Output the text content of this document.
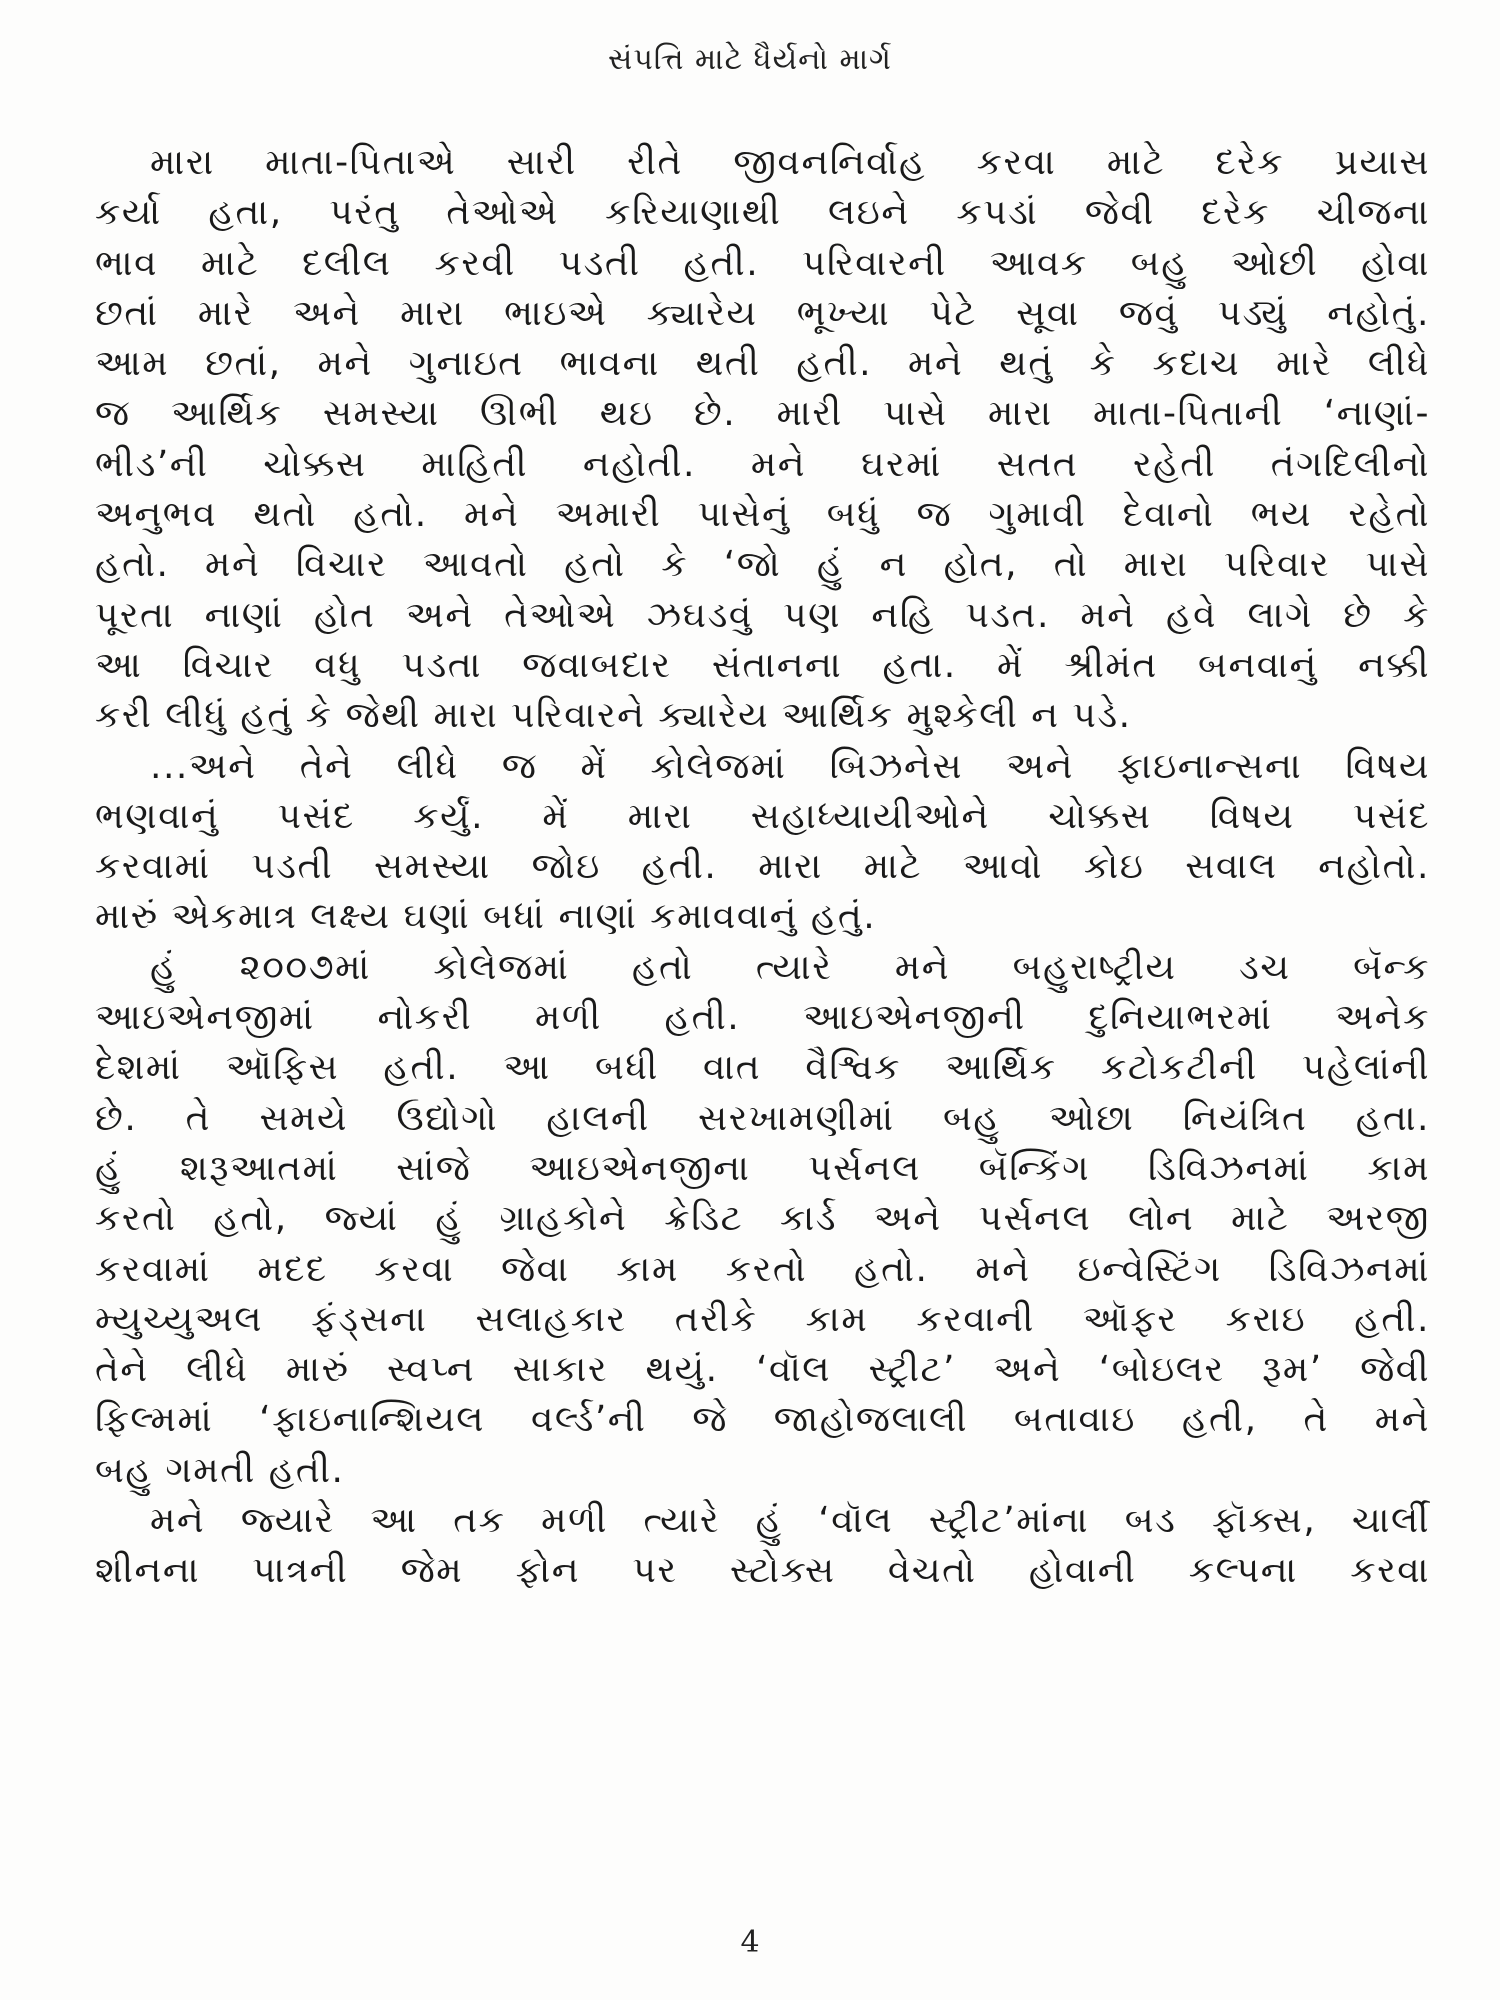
સંપત્તિ માટે ધૈર્યનો માર્ગ
મારા માતા-પિતાએ સારી રીતે જીવનનિર્વાહ કરવા માટે દરેક પ્રયાસ
કર્યા હતા, પરંતુ તેઓએ કરિયાણાથી લઇને કપડાં જેવી દરેક ચીજના
ભાવ માટે દલીલ કરવી પડતી હતી. પરિવારની આવક બહુ ઓછી હોવા
છતાં મારે અને મારા ભાઇએ ક્યારેય ભૂખ્યા પેટે સૂવા જવું પડ્યું નહોતું.
આમ છતાં, મને ગુનાઇત ભાવના થતી હતી. મને થતું કે કદાચ મારે લીધે
જ આર્થિક સમસ્યા ઊભી થઇ છે. મારી પાસે મારા માતા-પિતાની ‘નાણાં-
ભીડ’ની ચોક્કસ માહિતી નહોતી. મને ઘરમાં સતત રહેતી તંગદિલીનો
અનુભવ થતો હતો. મને અમારી પાસેનું બધું જ ગુમાવી દેવાનો ભય રહેતો
હતો. મને વિચાર આવતો હતો કે ‘જો હું ન હોત, તો મારા પરિવાર પાસે
પૂરતા નાણાં હોત અને તેઓએ ઝઘડવું પણ નહિ પડત. મને હવે લાગે છે કે
આ વિચાર વધુ પડતા જવાબદાર સંતાનના હતા. મેં શ્રીમંત બનવાનું નક્કી
કરી લીધું હતું કે જેથી મારા પરિવારને ક્યારેય આર્થિક મુશ્કેલી ન પડે.
...અને તેને લીધે જ મેં કોલેજમાં બિઝનેસ અને ફાઇનાન્સના વિષય
ભણવાનું પસંદ કર્યું. મેં મારા સહાધ્યાયીઓને ચોક્કસ વિષય પસંદ
કરવામાં પડતી સમસ્યા જોઇ હતી. મારા માટે આવો કોઇ સવાલ નહોતો.
મારું એકમાત્ર લક્ષ્ય ઘણાં બધાં નાણાં કમાવવાનું હતું.
હું ૨૦૦૭માં કોલેજમાં હતો ત્યારે મને બહુરાષ્ટ્રીય ડચ બૅન્ક
આઇએનજીમાં નોકરી મળી હતી. આઇએનજીની દુનિયાભરમાં અનેક
દેશમાં ઑફિસ હતી. આ બધી વાત વૈશ્વિક આર્થિક કટોકટીની પહેલાંની
છે. તે સમયે ઉદ્યોગો હાલની સરખામણીમાં બહુ ઓછા નિયંત્રિત હતા.
હું શરૂઆતમાં સાંજે આઇએનજીના પર્સનલ બૅન્કિંગ ડિવિઝનમાં કામ
કરતો હતો, જ્યાં હું ગ્રાહકોને ક્રેડિટ કાર્ડ અને પર્સનલ લોન માટે અરજી
કરવામાં મદદ કરવા જેવા કામ કરતો હતો. મને ઇન્વેસ્ટિંગ ડિવિઝનમાં
મ્યુચ્યુઅલ ફંડ્સના સલાહકાર તરીકે કામ કરવાની ઑફર કરાઇ હતી.
તેને લીધે મારું સ્વપ્ન સાકાર થયું. ‘વૉલ સ્ટ્રીટ’ અને ‘બોઇલર રૂમ’ જેવી
ફિલ્મમાં ‘ફાઇનાન્શિયલ વર્લ્ડ’ની જે જાહોજલાલી બતાવાઇ હતી, તે મને
બહુ ગમતી હતી.
મને જ્યારે આ તક મળી ત્યારે હું ‘વૉલ સ્ટ્રીટ’માંના બડ ફૉક્સ, ચાર્લી
શીનના પાત્રની જેમ ફોન પર સ્ટોક્સ વેચતો હોવાની કલ્પના કરવા
4
